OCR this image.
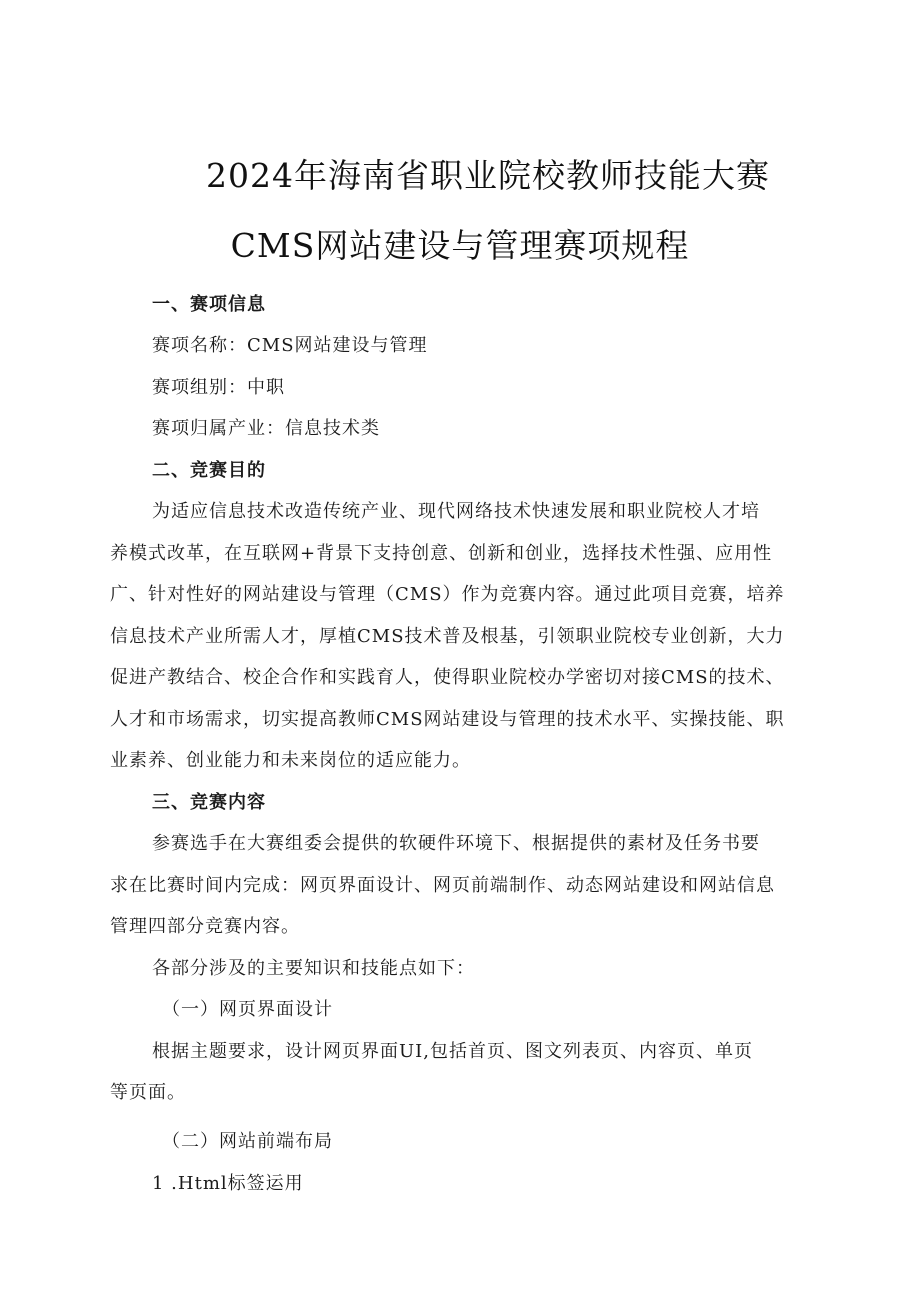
2024年海南省职业院校教师技能大赛
CMS网站建设与管理赛项规程
一、赛项信息
赛项名称：CMS网站建设与管理
赛项组别：中职
赛项归属产业：信息技术类
二、竞赛目的
为适应信息技术改造传统产业、现代网络技术快速发展和职业院校人才培
养模式改革，在互联网+背景下支持创意、创新和创业，选择技术性强、应用性
广、针对性好的网站建设与管理（CMS）作为竞赛内容。通过此项目竞赛，培养
信息技术产业所需人才，厚植CMS技术普及根基，引领职业院校专业创新，大力
促进产教结合、校企合作和实践育人，使得职业院校办学密切对接CMS的技术、
人才和市场需求，切实提高教师CMS网站建设与管理的技术水平、实操技能、职
业素养、创业能力和未来岗位的适应能力。
三、竞赛内容
参赛选手在大赛组委会提供的软硬件环境下、根据提供的素材及任务书要
求在比赛时间内完成：网页界面设计、网页前端制作、动态网站建设和网站信息
管理四部分竞赛内容。
各部分涉及的主要知识和技能点如下：
（一）网页界面设计
根据主题要求，设计网页界面UI,包括首页、图文列表页、内容页、单页
等页面。
（二）网站前端布局
1 .Html标签运用
